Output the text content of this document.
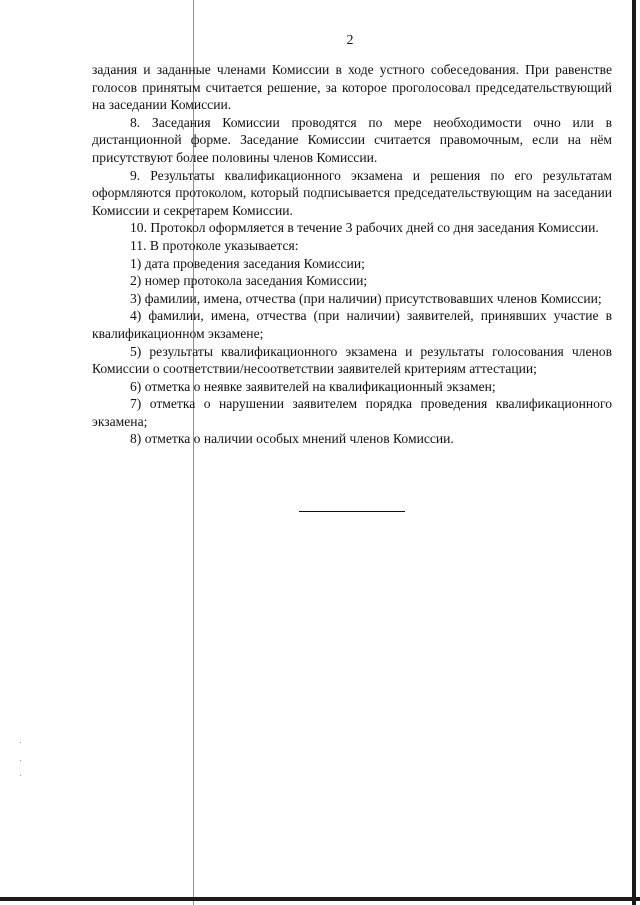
2

задания и заданные членами Комиссии в ходе устного собеседования. При равенстве голосов принятым считается решение, за которое проголосовал председательствующий на заседании Комиссии.

8. Заседания Комиссии проводятся по мере необходимости очно или в дистанционной форме. Заседание Комиссии считается правомочным, если на нём присутствуют более половины членов Комиссии.

9. Результаты квалификационного экзамена и решения по его результатам оформляются протоколом, который подписывается председательствующим на заседании Комиссии и секретарем Комиссии.

10. Протокол оформляется в течение 3 рабочих дней со дня заседания Комиссии.

11. В протоколе указывается:

1) дата проведения заседания Комиссии;

2) номер протокола заседания Комиссии;

3) фамилии, имена, отчества (при наличии) присутствовавших членов Комиссии;

4) фамилии, имена, отчества (при наличии) заявителей, принявших участие в квалификационном экзамене;

5) результаты квалификационного экзамена и результаты голосования членов Комиссии о соответствии/несоответствии заявителей критериям аттестации;

6) отметка о неявке заявителей на квалификационный экзамен;

7) отметка о нарушении заявителем порядка проведения квалификационного экзамена;

8) отметка о наличии особых мнений членов Комиссии.
